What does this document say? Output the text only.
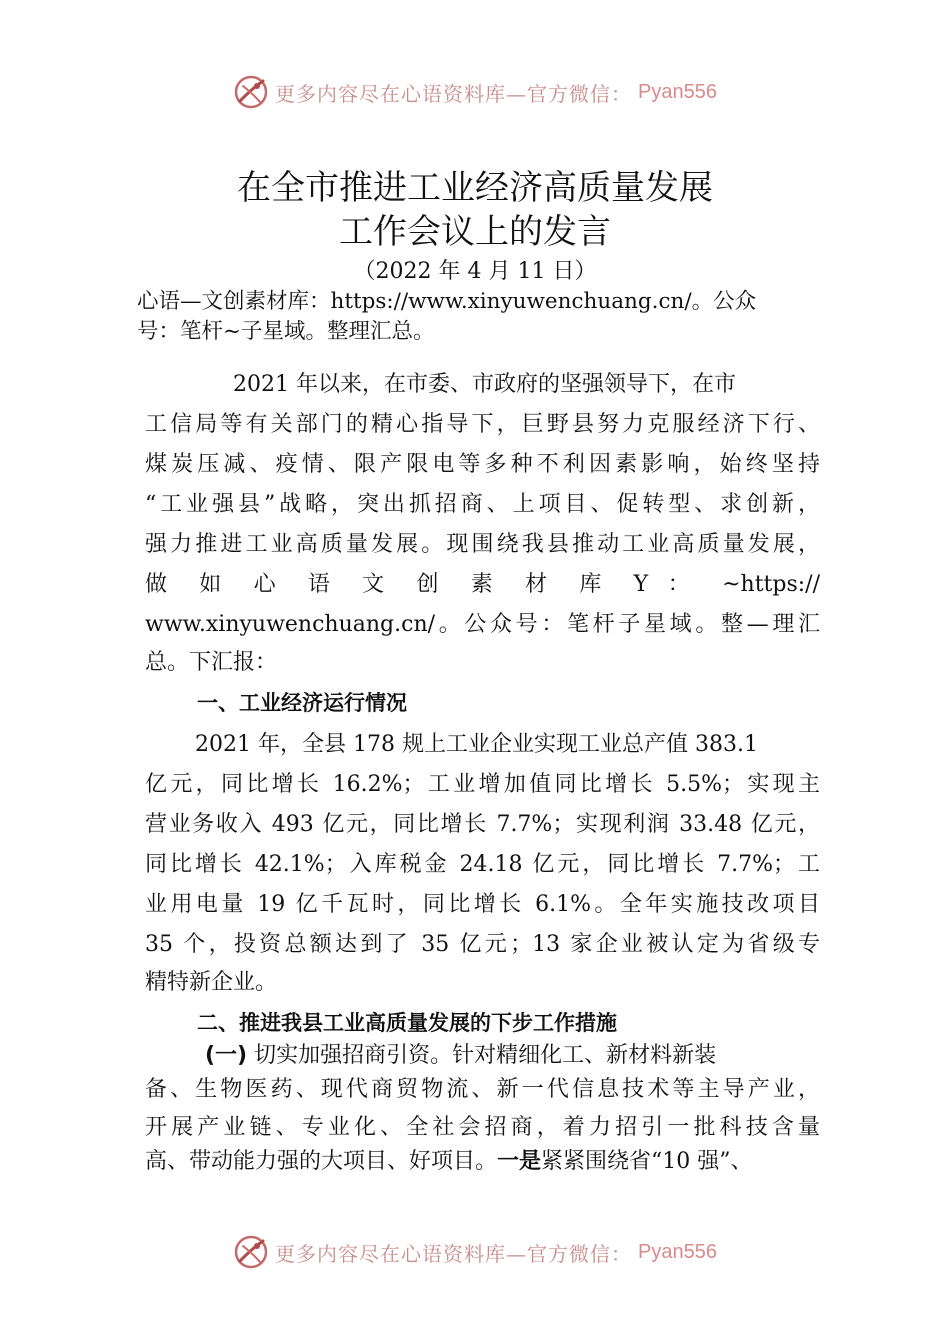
更多内容尽在心语资料库—官方微信： Pyan556
在全市推进工业经济高质量发展
工作会议上的发言
（2022 年 4 月 11 日）
心语—文创素材库：https://www.xinyuwenchuang.cn/。公众
号：笔杆~子星域。整理汇总。
2021 年以来，在市委、市政府的坚强领导下，在市
工信局等有关部门的精心指导下，巨野县努力克服经济下行、
煤炭压减、疫情、限产限电等多种不利因素影响，始终坚持
“工业强县”战略，突出抓招商、上项目、促转型、求创新，
强力推进工业高质量发展。现围绕我县推动工业高质量发展，
做 如 心 语 文 创 素 材 库 Y ： ~https://
www.xinyuwenchuang.cn/。公众号：笔杆子星域。整—理汇
总。下汇报：
一、工业经济运行情况
2021 年，全县 178 规上工业企业实现工业总产值 383.1
亿元，同比增长 16.2%；工业增加值同比增长 5.5%；实现主
营业务收入 493 亿元，同比增长 7.7%；实现利润 33.48 亿元，
同比增长 42.1%；入库税金 24.18 亿元，同比增长 7.7%；工
业用电量 19 亿千瓦时，同比增长 6.1%。全年实施技改项目
35 个，投资总额达到了 35 亿元；13 家企业被认定为省级专
精特新企业。
二、推进我县工业高质量发展的下步工作措施
(一) 切实加强招商引资。针对精细化工、新材料新装
备、生物医药、现代商贸物流、新一代信息技术等主导产业，
开展产业链、专业化、全社会招商，着力招引一批科技含量
高、带动能力强的大项目、好项目。一是紧紧围绕省“10 强”、
更多内容尽在心语资料库—官方微信： Pyan556
